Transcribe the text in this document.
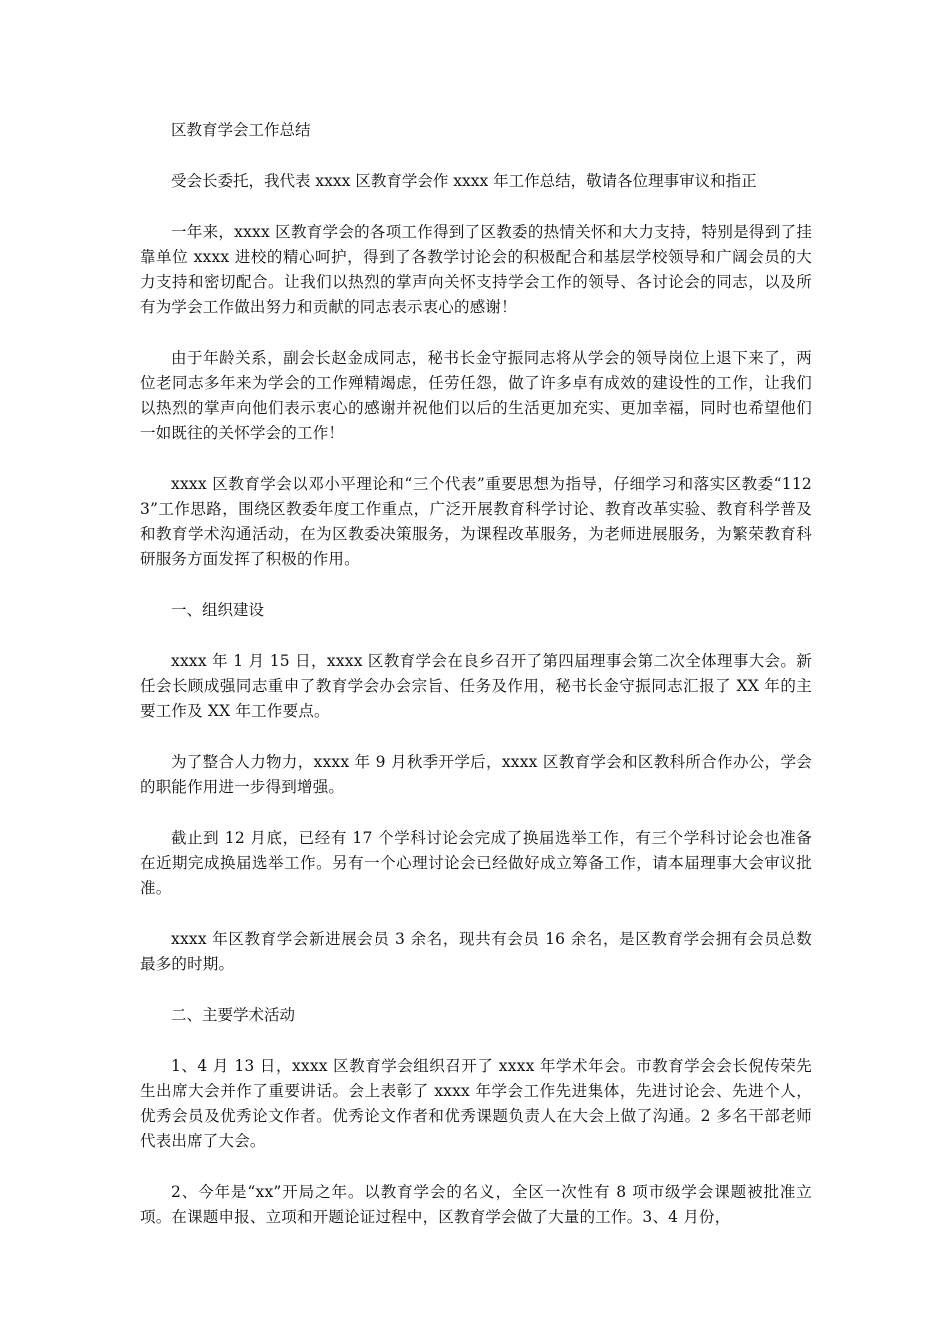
区教育学会工作总结

受会长委托，我代表 xxxx 区教育学会作 xxxx 年工作总结，敬请各位理事审议和指正

一年来，xxxx 区教育学会的各项工作得到了区教委的热情关怀和大力支持，特别是得到了挂靠单位 xxxx 进校的精心呵护，得到了各教学讨论会的积极配合和基层学校领导和广阔会员的大力支持和密切配合。让我们以热烈的掌声向关怀支持学会工作的领导、各讨论会的同志，以及所有为学会工作做出努力和贡献的同志表示衷心的感谢！

由于年龄关系，副会长赵金成同志，秘书长金守振同志将从学会的领导岗位上退下来了，两位老同志多年来为学会的工作殚精竭虑，任劳任怨，做了许多卓有成效的建设性的工作，让我们以热烈的掌声向他们表示衷心的感谢并祝他们以后的生活更加充实、更加幸福，同时也希望他们一如既往的关怀学会的工作！

xxxx 区教育学会以邓小平理论和“三个代表”重要思想为指导，仔细学习和落实区教委“1123”工作思路，围绕区教委年度工作重点，广泛开展教育科学讨论、教育改革实验、教育科学普及和教育学术沟通活动，在为区教委决策服务，为课程改革服务，为老师进展服务，为繁荣教育科研服务方面发挥了积极的作用。

一、组织建设

xxxx 年 1 月 15 日，xxxx 区教育学会在良乡召开了第四届理事会第二次全体理事大会。新任会长顾成强同志重申了教育学会办会宗旨、任务及作用，秘书长金守振同志汇报了 XX 年的主要工作及 XX 年工作要点。

为了整合人力物力，xxxx 年 9 月秋季开学后，xxxx 区教育学会和区教科所合作办公，学会的职能作用进一步得到增强。

截止到 12 月底，已经有 17 个学科讨论会完成了换届选举工作，有三个学科讨论会也准备在近期完成换届选举工作。另有一个心理讨论会已经做好成立筹备工作，请本届理事大会审议批准。

xxxx 年区教育学会新进展会员 3 余名，现共有会员 16 余名，是区教育学会拥有会员总数最多的时期。

二、主要学术活动

1、4 月 13 日，xxxx 区教育学会组织召开了 xxxx 年学术年会。市教育学会会长倪传荣先生出席大会并作了重要讲话。会上表彰了 xxxx 年学会工作先进集体，先进讨论会、先进个人，优秀会员及优秀论文作者。优秀论文作者和优秀课题负责人在大会上做了沟通。2 多名干部老师代表出席了大会。

2、今年是“xx”开局之年。以教育学会的名义，全区一次性有 8 项市级学会课题被批准立项。在课题申报、立项和开题论证过程中，区教育学会做了大量的工作。3、4 月份，
